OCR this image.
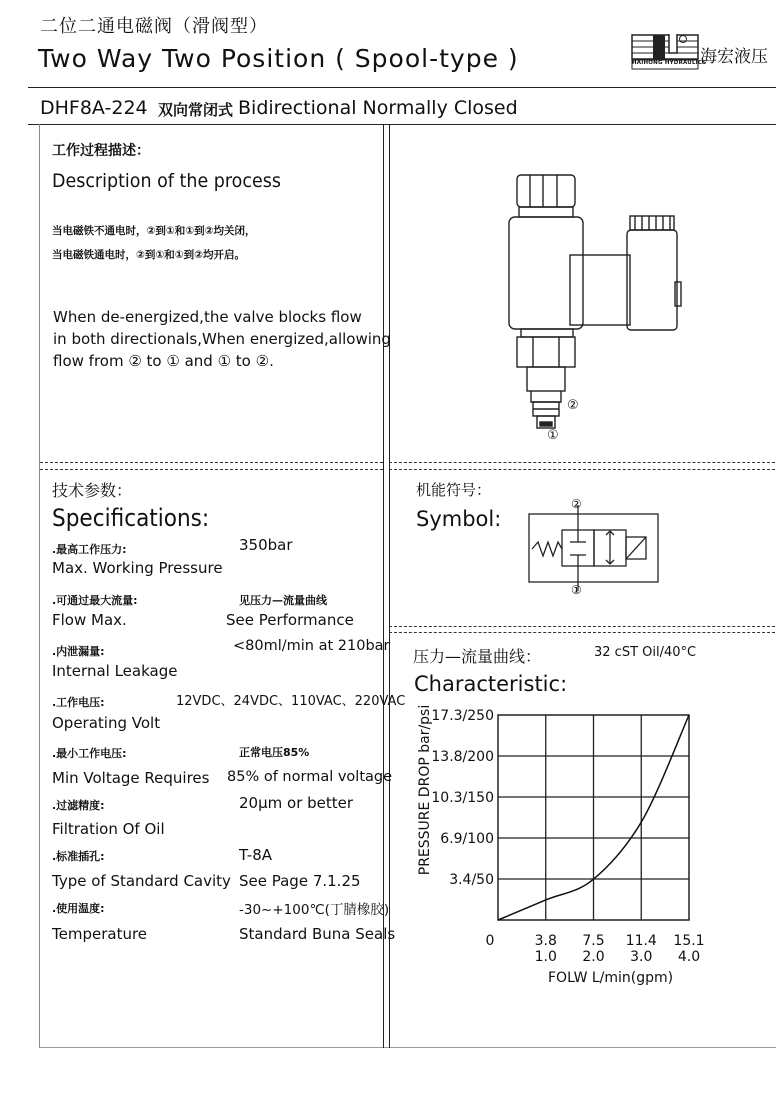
二位二通电磁阀（滑阀型）
Two Way Two Position ( Spool-type )	HAIHONG HYDRAULICS
海宏液压
DHF8A-224 双向常闭式 Bidirectional Normally Closed
工作过程描述：
Description of the process
当电磁铁不通电时，②到①和①到②均关闭，
当电磁铁通电时，②到①和①到②均开启。
When de-energized,the valve blocks flow
in both directionals,When energized,allowing
flow from ② to ① and ① to ②.
②
①
技术参数：
Specifications:
.最高工作压力:
Max. Working Pressure
350bar
.可通过最大流量:
Flow Max.
见压力—流量曲线
See Performance
.内泄漏量:
Internal Leakage
<80ml/min at 210bar
.工作电压:
Operating Volt
12VDC、24VDC、110VAC、220VAC
.最小工作电压:
Min Voltage Requires
正常电压85%
85% of normal voltage
.过滤精度:
Filtration Of Oil
20μm or better
.标准插孔:
Type of Standard Cavity
T-8A
See Page 7.1.25
.使用温度:
Temperature
-30~+100℃(丁腈橡胶)
Standard Buna Seals
机能符号：
Symbol:
②
①
压力—流量曲线：	32 cST Oil/40°C
Characteristic:
PRESSURE DROP bar/psi
17.3/250
13.8/200
10.3/150
6.9/100
3.4/50
0	3.8 7.5 11.4 15.1
1.0 2.0 3.0 4.0
FOLW L/min(gpm)
